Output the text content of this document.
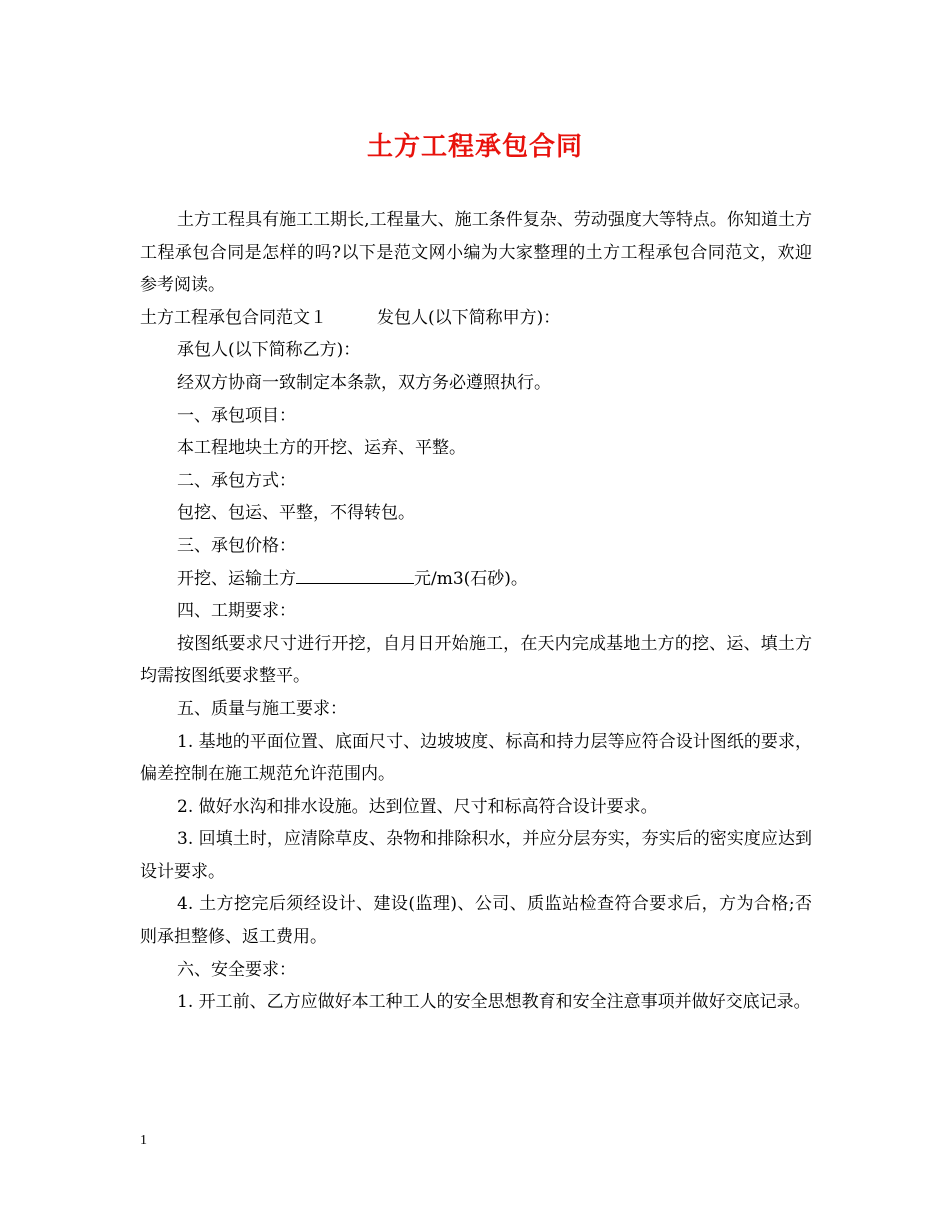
土方工程承包合同

土方工程具有施工工期长,工程量大、施工条件复杂、劳动强度大等特点。你知道土方工程承包合同是怎样的吗?以下是范文网小编为大家整理的土方工程承包合同范文，欢迎参考阅读。

土方工程承包合同范文１	发包人(以下简称甲方)：

承包人(以下简称乙方)：

经双方协商一致制定本条款，双方务必遵照执行。

一、承包项目：

本工程地块土方的开挖、运弃、平整。

二、承包方式：

包挖、包运、平整，不得转包。

三、承包价格：

开挖、运输土方	元/m3(石砂)。

四、工期要求：

按图纸要求尺寸进行开挖，自月日开始施工，在天内完成基地土方的挖、运、填土方均需按图纸要求整平。

五、质量与施工要求：

1. 基地的平面位置、底面尺寸、边坡坡度、标高和持力层等应符合设计图纸的要求，偏差控制在施工规范允许范围内。

2. 做好水沟和排水设施。达到位置、尺寸和标高符合设计要求。

3. 回填土时，应清除草皮、杂物和排除积水，并应分层夯实，夯实后的密实度应达到设计要求。

4. 土方挖完后须经设计、建设(监理)、公司、质监站检查符合要求后，方为合格;否则承担整修、返工费用。

六、安全要求：

1. 开工前、乙方应做好本工种工人的安全思想教育和安全注意事项并做好交底记录。

1
